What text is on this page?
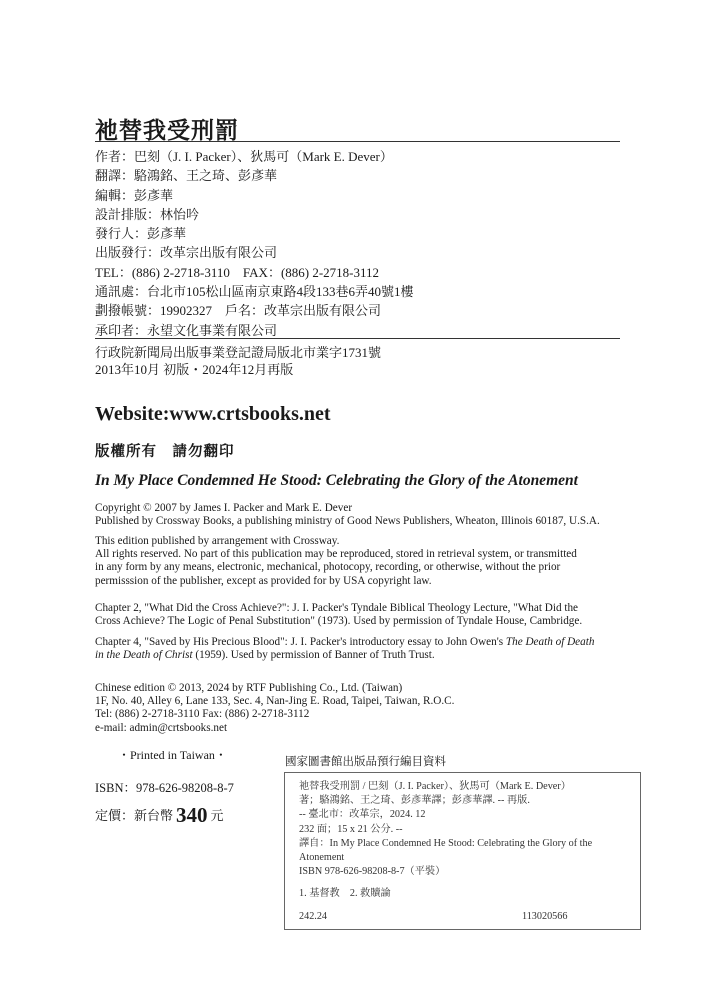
祂替我受刑罰
作者：巴刻（J. I. Packer）、狄馬可（Mark E. Dever）
翻譯：駱鴻銘、王之琦、彭彥華
編輯：彭彥華
設計排版：林怡吟
發行人：彭彥華
出版發行：改革宗出版有限公司
TEL：(886) 2-2718-3110　FAX：(886) 2-2718-3112
通訊處：台北市105松山區南京東路4段133巷6弄40號1樓
劃撥帳號：19902327　戶名：改革宗出版有限公司
承印者：永望文化事業有限公司
行政院新聞局出版事業登記證局版北市業字1731號
2013年10月 初版・2024年12月再版
Website:www.crtsbooks.net
版權所有　請勿翻印
In My Place Condemned He Stood: Celebrating the Glory of the Atonement
Copyright © 2007 by James I. Packer and Mark E. Dever
Published by Crossway Books, a publishing ministry of Good News Publishers, Wheaton, Illinois 60187, U.S.A.
This edition published by arrangement with Crossway.
All rights reserved. No part of this publication may be reproduced, stored in retrieval system, or transmitted
in any form by any means, electronic, mechanical, photocopy, recording, or otherwise, without the prior
permisssion of the publisher, except as provided for by USA copyright law.
Chapter 2, "What Did the Cross Achieve?": J. I. Packer's Tyndale Biblical Theology Lecture, "What Did the
Cross Achieve? The Logic of Penal Substitution" (1973). Used by permission of Tyndale House, Cambridge.
Chapter 4, "Saved by His Precious Blood": J. I. Packer's introductory essay to John Owen's The Death of Death
in the Death of Christ (1959). Used by permission of Banner of Truth Trust.
Chinese edition © 2013, 2024 by RTF Publishing Co., Ltd. (Taiwan)
1F, No. 40, Alley 6, Lane 133, Sec. 4, Nan-Jing E. Road, Taipei, Taiwan, R.O.C.
Tel: (886) 2-2718-3110 Fax: (886) 2-2718-3112
e-mail: admin@crtsbooks.net
・Printed in Taiwan・
ISBN：978-626-98208-8-7
定價：新台幣 340 元
國家圖書館出版品預行編目資料
祂替我受刑罰 / 巴刻（J. I. Packer）、狄馬可（Mark E. Dever）
著；駱鴻銘、王之琦、彭彥華譯；彭彥華譯. -- 再版.
-- 臺北市：改革宗，2024. 12
232 面；15 x 21 公分. --
譯自：In My Place Condemned He Stood: Celebrating the Glory of the
Atonement
ISBN 978-626-98208-8-7（平裝）
1. 基督教　2. 救贖論
242.24	113020566
